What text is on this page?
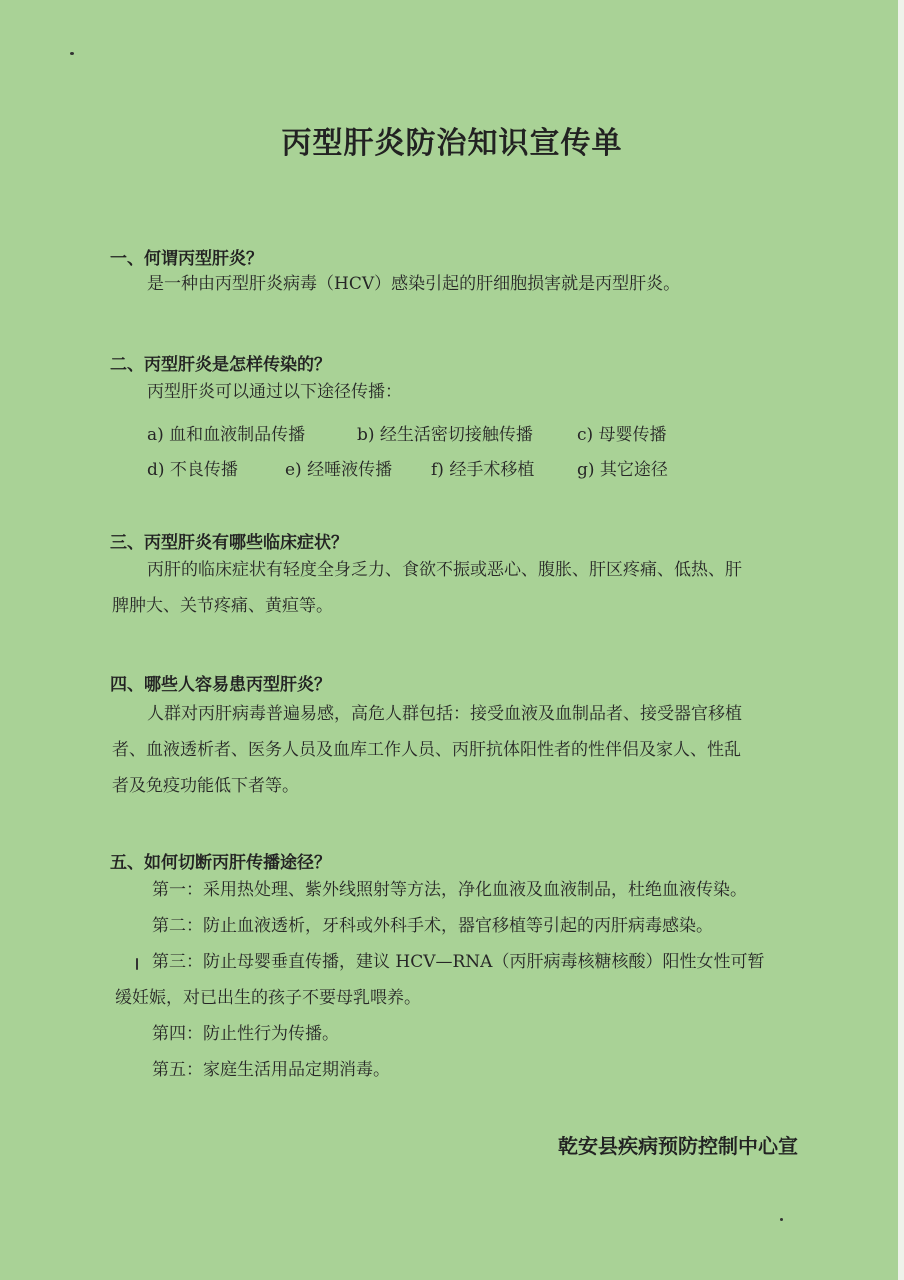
丙型肝炎防治知识宣传单
一、何谓丙型肝炎？
是一种由丙型肝炎病毒（HCV）感染引起的肝细胞损害就是丙型肝炎。
二、丙型肝炎是怎样传染的？
丙型肝炎可以通过以下途径传播：
a) 血和血液制品传播	b) 经生活密切接触传播	c) 母婴传播
d) 不良传播	e) 经唾液传播 f) 经手术移植	g) 其它途径
三、丙型肝炎有哪些临床症状？
丙肝的临床症状有轻度全身乏力、食欲不振或恶心、腹胀、肝区疼痛、低热、肝
脾肿大、关节疼痛、黄疸等。
四、哪些人容易患丙型肝炎？
人群对丙肝病毒普遍易感，高危人群包括：接受血液及血制品者、接受器官移植
者、血液透析者、医务人员及血库工作人员、丙肝抗体阳性者的性伴侣及家人、性乱
者及免疫功能低下者等。
五、如何切断丙肝传播途径？
第一：采用热处理、紫外线照射等方法，净化血液及血液制品，杜绝血液传染。
第二：防止血液透析，牙科或外科手术，器官移植等引起的丙肝病毒感染。
第三：防止母婴垂直传播，建议 HCV—RNA（丙肝病毒核糖核酸）阳性女性可暂
缓妊娠，对已出生的孩子不要母乳喂养。
第四：防止性行为传播。
第五：家庭生活用品定期消毒。
乾安县疾病预防控制中心宣
